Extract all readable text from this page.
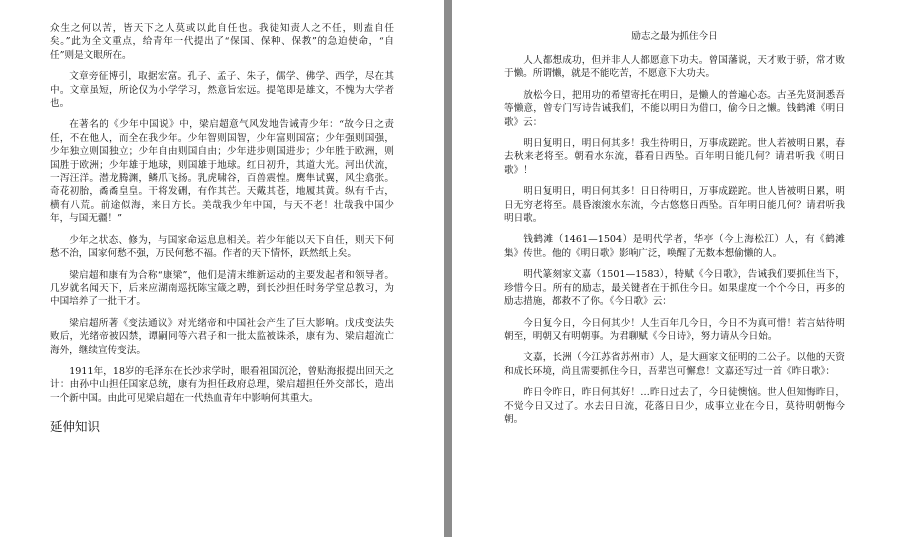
众生之何以苦，皆天下之人莫或以此自任也。我徒知责人之不任，则盍自任矣。”此为全文重点，给青年一代提出了“保国、保种、保教”的急迫使命，“自任”则是文眼所在。

文章旁征博引，取据宏富。孔子、孟子、朱子，儒学、佛学、西学，尽在其中。文章虽短，所论仅为小学学习，然意旨宏远。提笔即是雄文，不愧为大学者也。

在著名的《少年中国说》中，梁启超意气风发地告诫青少年：“故今日之责任，不在他人，而全在我少年。少年智则国智，少年富则国富；少年强则国强，少年独立则国独立；少年自由则国自由；少年进步则国进步；少年胜于欧洲，则国胜于欧洲；少年雄于地球，则国雄于地球。红日初升，其道大光。河出伏流，一泻汪洋。潜龙腾渊，鳞爪飞扬。乳虎啸谷，百兽震惶。鹰隼试翼，风尘翕张。奇花初胎，矞矞皇皇。干将发硎，有作其芒。天戴其苍，地履其黄。纵有千古，横有八荒。前途似海，来日方长。美哉我少年中国，与天不老！壮哉我中国少年，与国无疆！”

少年之状态、修为，与国家命运息息相关。若少年能以天下自任，则天下何愁不治，国家何愁不强，万民何愁不福。作者的天下情怀，跃然纸上矣。

梁启超和康有为合称“康梁”，他们是清末维新运动的主要发起者和领导者。几岁就名闻天下，后来应湖南巡抚陈宝箴之聘，到长沙担任时务学堂总教习，为中国培养了一批干才。

梁启超所著《变法通议》对光绪帝和中国社会产生了巨大影响。戊戌变法失败后，光绪帝被囚禁，谭嗣同等六君子和一批太监被诛杀，康有为、梁启超流亡海外，继续宣传变法。

1911年，18岁的毛泽东在长沙求学时，眼看祖国沉沦，曾贴海报提出回天之计：由孙中山担任国家总统，康有为担任政府总理，梁启超担任外交部长，造出一个新中国。由此可见梁启超在一代热血青年中影响何其重大。

延伸知识
励志之最为抓住今日

人人都想成功，但并非人人都愿意下功夫。曾国藩说，天才败于骄，常才败于懒。所谓懒，就是不能吃苦，不愿意下大功夫。

放松今日，把用功的希望寄托在明日，是懒人的普遍心态。古圣先贤洞悉吾等懒意，曾专门写诗告诫我们，不能以明日为借口，偷今日之懒。钱鹤滩《明日歌》云：

明日复明日，明日何其多！我生待明日，万事成蹉跎。世人若被明日累，春去秋来老将至。朝看水东流，暮看日西坠。百年明日能几何？请君听我《明日歌》！

明日复明日，明日何其多！日日待明日，万事成蹉跎。世人皆被明日累，明日无穷老将至。晨昏滚滚水东流，今古悠悠日西坠。百年明日能几何？请君听我明日歌。

钱鹤滩（1461—1504）是明代学者，华亭（今上海松江）人，有《鹤滩集》传世。他的《明日歌》影响广泛，唤醒了无数本想偷懒的人。

明代篆刻家文嘉（1501—1583），特赋《今日歌》，告诫我们要抓住当下，珍惜今日。所有的励志，最关键者在于抓住今日。如果虚度一个个今日，再多的励志措施，都救不了你。《今日歌》云：

今日复今日，今日何其少！人生百年几今日，今日不为真可惜！若言姑待明朝至，明朝又有明朝事。为君聊赋《今日诗》，努力请从今日始。

文嘉，长洲（今江苏省苏州市）人，是大画家文征明的二公子。以他的天资和成长环境，尚且需要抓住今日，吾辈岂可懈怠！文嘉还写过一首《昨日歌》：

昨日令昨日，昨日何其好！…昨日过去了，今日徒懊恼。世人但知悔昨日，不觉今日又过了。水去日日流，花落日日少，成事立业在今日，莫待明朝悔今朝。
